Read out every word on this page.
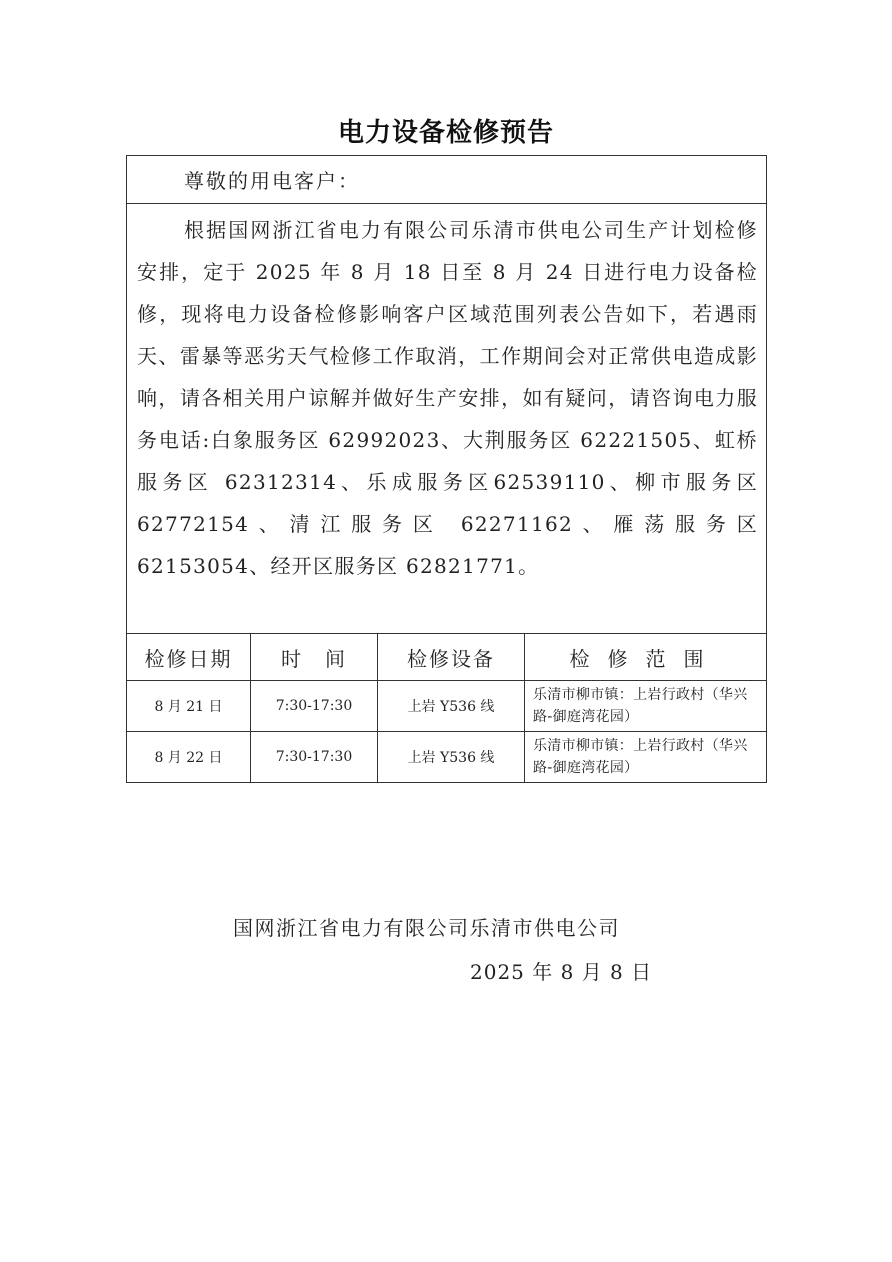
电力设备检修预告
尊敬的用电客户：			
根据国网浙江省电力有限公司乐清市供电公司生产计划检修安排，定于 2025 年 8 月 18 日至 8 月 24 日进行电力设备检修，现将电力设备检修影响客户区域范围列表公告如下，若遇雨天、雷暴等恶劣天气检修工作取消，工作期间会对正常供电造成影响，请各相关用户谅解并做好生产安排，如有疑问，请咨询电力服务电话:白象服务区 62992023、大荆服务区 62221505、虹桥服务区 62312314、乐成服务区62539110、柳市服务区 62772154、清江服务区 62271162、雁荡服务区 62153054、经开区服务区 62821771。			
检修日期	时　间	检修设备	检修范围
8 月 21 日	7:30-17:30	上岩 Y536 线	乐清市柳市镇：上岩行政村（华兴路-御庭湾花园）
8 月 22 日	7:30-17:30	上岩 Y536 线	乐清市柳市镇：上岩行政村（华兴路-御庭湾花园）
国网浙江省电力有限公司乐清市供电公司
2025 年 8 月 8 日
